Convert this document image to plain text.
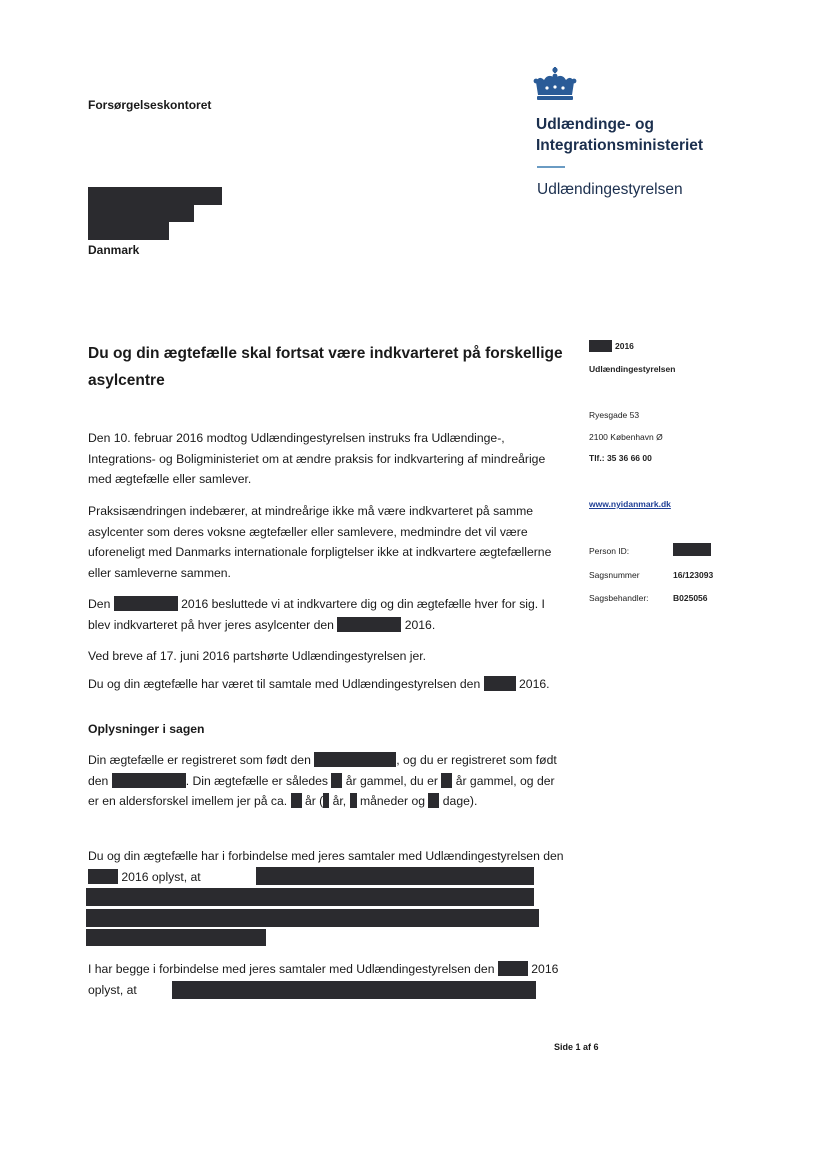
Forsørgelseskontoret
Udlændinge- og
Integrationsministeriet
Udlændingestyrelsen
Danmark
Du og din ægtefælle skal fortsat være indkvarteret på forskellige asylcentre
2016
Udlændingestyrelsen
Ryesgade 53
2100 København Ø
Tlf.: 35 36 66 00
www.nyidanmark.dk
Person ID:
Sagsnummer	16/123093
Sagsbehandler:	B025056
Den 10. februar 2016 modtog Udlændingestyrelsen instruks fra Udlændinge-, Integrations- og Boligministeriet om at ændre praksis for indkvartering af mindreårige med ægtefælle eller samlever.
Praksisændringen indebærer, at mindreårige ikke må være indkvarteret på samme asylcenter som deres voksne ægtefæller eller samlevere, medmindre det vil være uforeneligt med Danmarks internationale forpligtelser ikke at indkvartere ægtefællerne eller samleverne sammen.
Den	2016 besluttede vi at indkvartere dig og din ægtefælle hver for sig. I blev indkvarteret på hver jeres asylcenter den	2016.
Ved breve af 17. juni 2016 partshørte Udlændingestyrelsen jer.
Du og din ægtefælle har været til samtale med Udlændingestyrelsen den	2016.
Oplysninger i sagen
Din ægtefælle er registreret som født den	, og du er registreret som født den	. Din ægtefælle er således år gammel, du er år gammel, og der er en aldersforskel imellem jer på ca. år ( år, måneder og dage).
Du og din ægtefælle har i forbindelse med jeres samtaler med Udlændingestyrelsen den  2016 oplyst, at
I har begge i forbindelse med jeres samtaler med Udlændingestyrelsen den	2016 oplyst, at
Side 1 af 6
